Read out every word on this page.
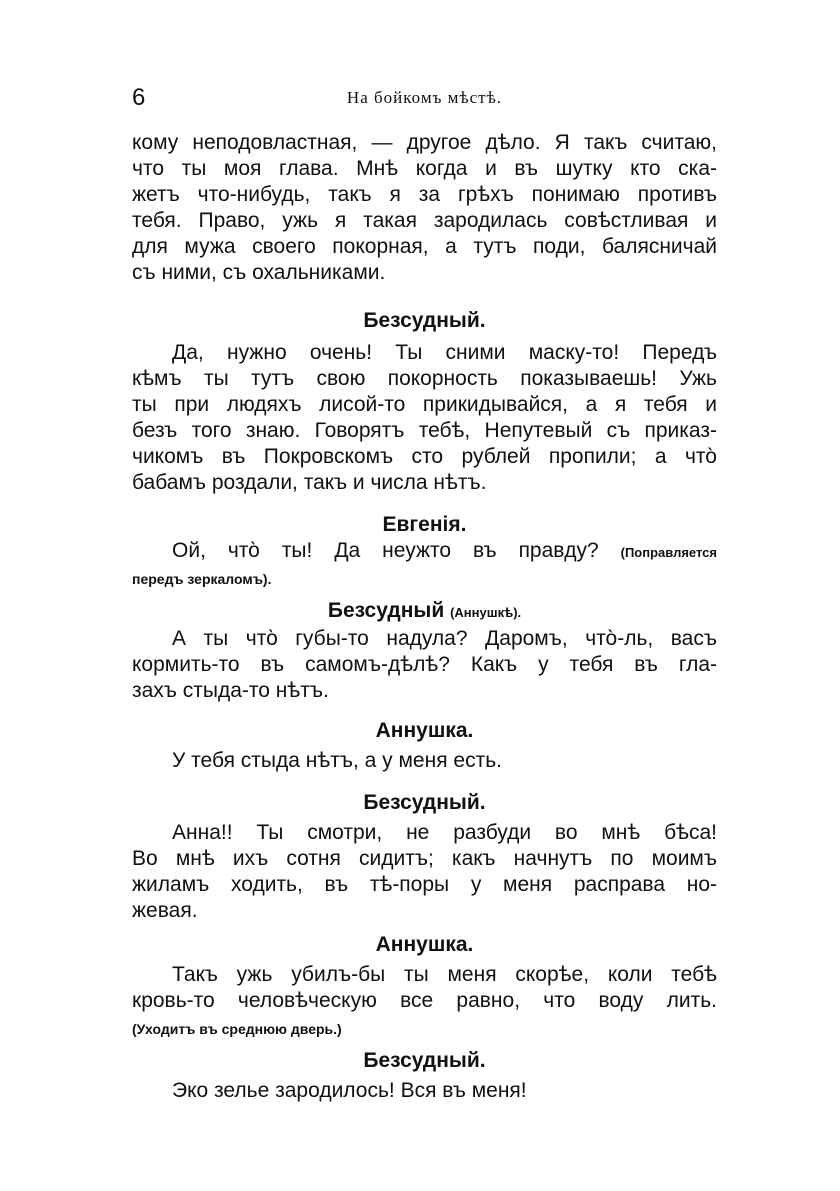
6	На бойкомъ мѣстѣ.
кому неподовластная, — другое дѣло. Я такъ считаю,
что ты моя глава. Мнѣ когда и въ шутку кто ска-
жетъ что-нибудь, такъ я за грѣхъ понимаю противъ
тебя. Право, ужь я такая зародилась совѣстливая и
для мужа своего покорная, а тутъ поди, балясничай
съ ними, съ охальниками.
Безсудный.
Да, нужно очень! Ты сними маску-то! Передъ
кѣмъ ты тутъ свою покорность показываешь! Ужь
ты при людяхъ лисой-то прикидывайся, а я тебя и
безъ того знаю. Говорятъ тебѣ, Непутевый съ приказ-
чикомъ въ Покровскомъ сто рублей пропили; а что̀
бабамъ роздали, такъ и числа нѣтъ.
Евгенія.
Ой, что̀ ты! Да неужто въ правду? (Поправляется
передъ зеркаломъ).
Безсудный (Аннушкѣ).
А ты что̀ губы-то надула? Даромъ, что̀-ль, васъ
кормить-то въ самомъ-дѣлѣ? Какъ у тебя въ гла-
захъ стыда-то нѣтъ.
Аннушка.
У тебя стыда нѣтъ, а у меня есть.
Безсудный.
Анна!! Ты смотри, не разбуди во мнѣ бѣса!
Во мнѣ ихъ сотня сидитъ; какъ начнутъ по моимъ
жиламъ ходить, въ тѣ-поры у меня расправа но-
жевая.
Аннушка.
Такъ ужь убилъ-бы ты меня скорѣе, коли тебѣ
кровь-то человѣческую все равно, что воду лить.
(Уходитъ въ среднюю дверь.)
Безсудный.
Эко зелье зародилось! Вся въ меня!
